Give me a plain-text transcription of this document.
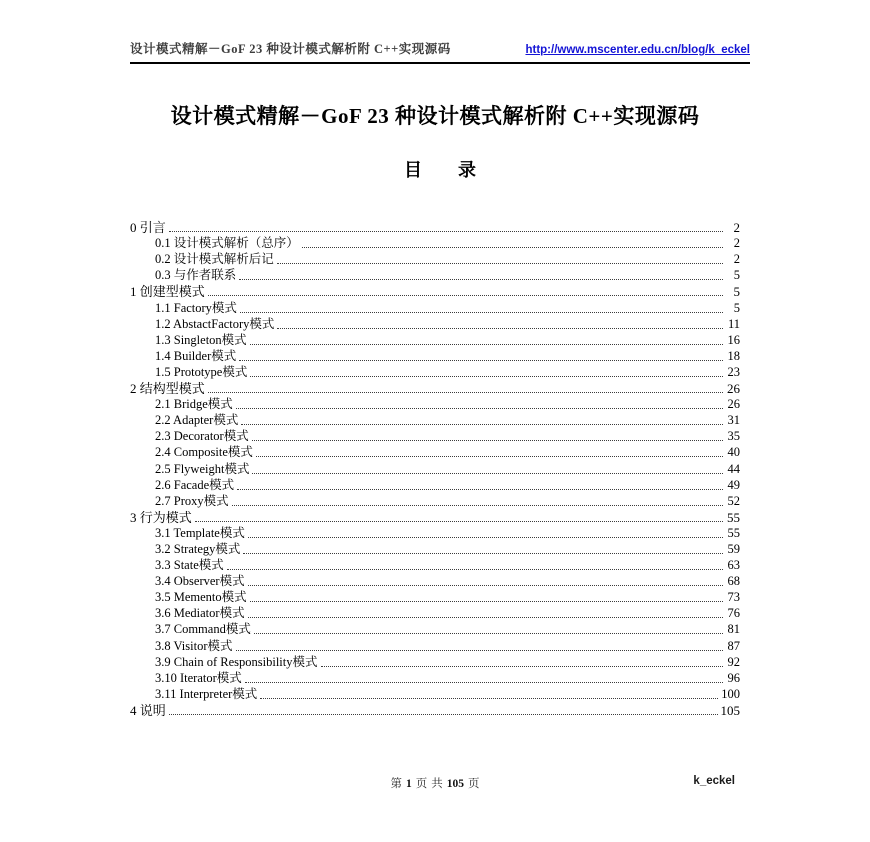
设计模式精解－GoF 23 种设计模式解析附 C++实现源码	http://www.mscenter.edu.cn/blog/k_eckel
设计模式精解－GoF 23 种设计模式解析附 C++实现源码
目　　录
0 引言	2
0.1 设计模式解析（总序）	2
0.2 设计模式解析后记	2
0.3 与作者联系	5
1 创建型模式	5
1.1 Factory模式	5
1.2 AbstactFactory模式	11
1.3 Singleton模式	16
1.4 Builder模式	18
1.5 Prototype模式	23
2 结构型模式	26
2.1 Bridge模式	26
2.2 Adapter模式	31
2.3 Decorator模式	35
2.4 Composite模式	40
2.5 Flyweight模式	44
2.6 Facade模式	49
2.7 Proxy模式	52
3 行为模式	55
3.1 Template模式	55
3.2 Strategy模式	59
3.3 State模式	63
3.4 Observer模式	68
3.5 Memento模式	73
3.6 Mediator模式	76
3.7 Command模式	81
3.8 Visitor模式	87
3.9 Chain of Responsibility模式	92
3.10 Iterator模式	96
3.11 Interpreter模式	100
4 说明	105
第 1 页 共 105 页	k_eckel
